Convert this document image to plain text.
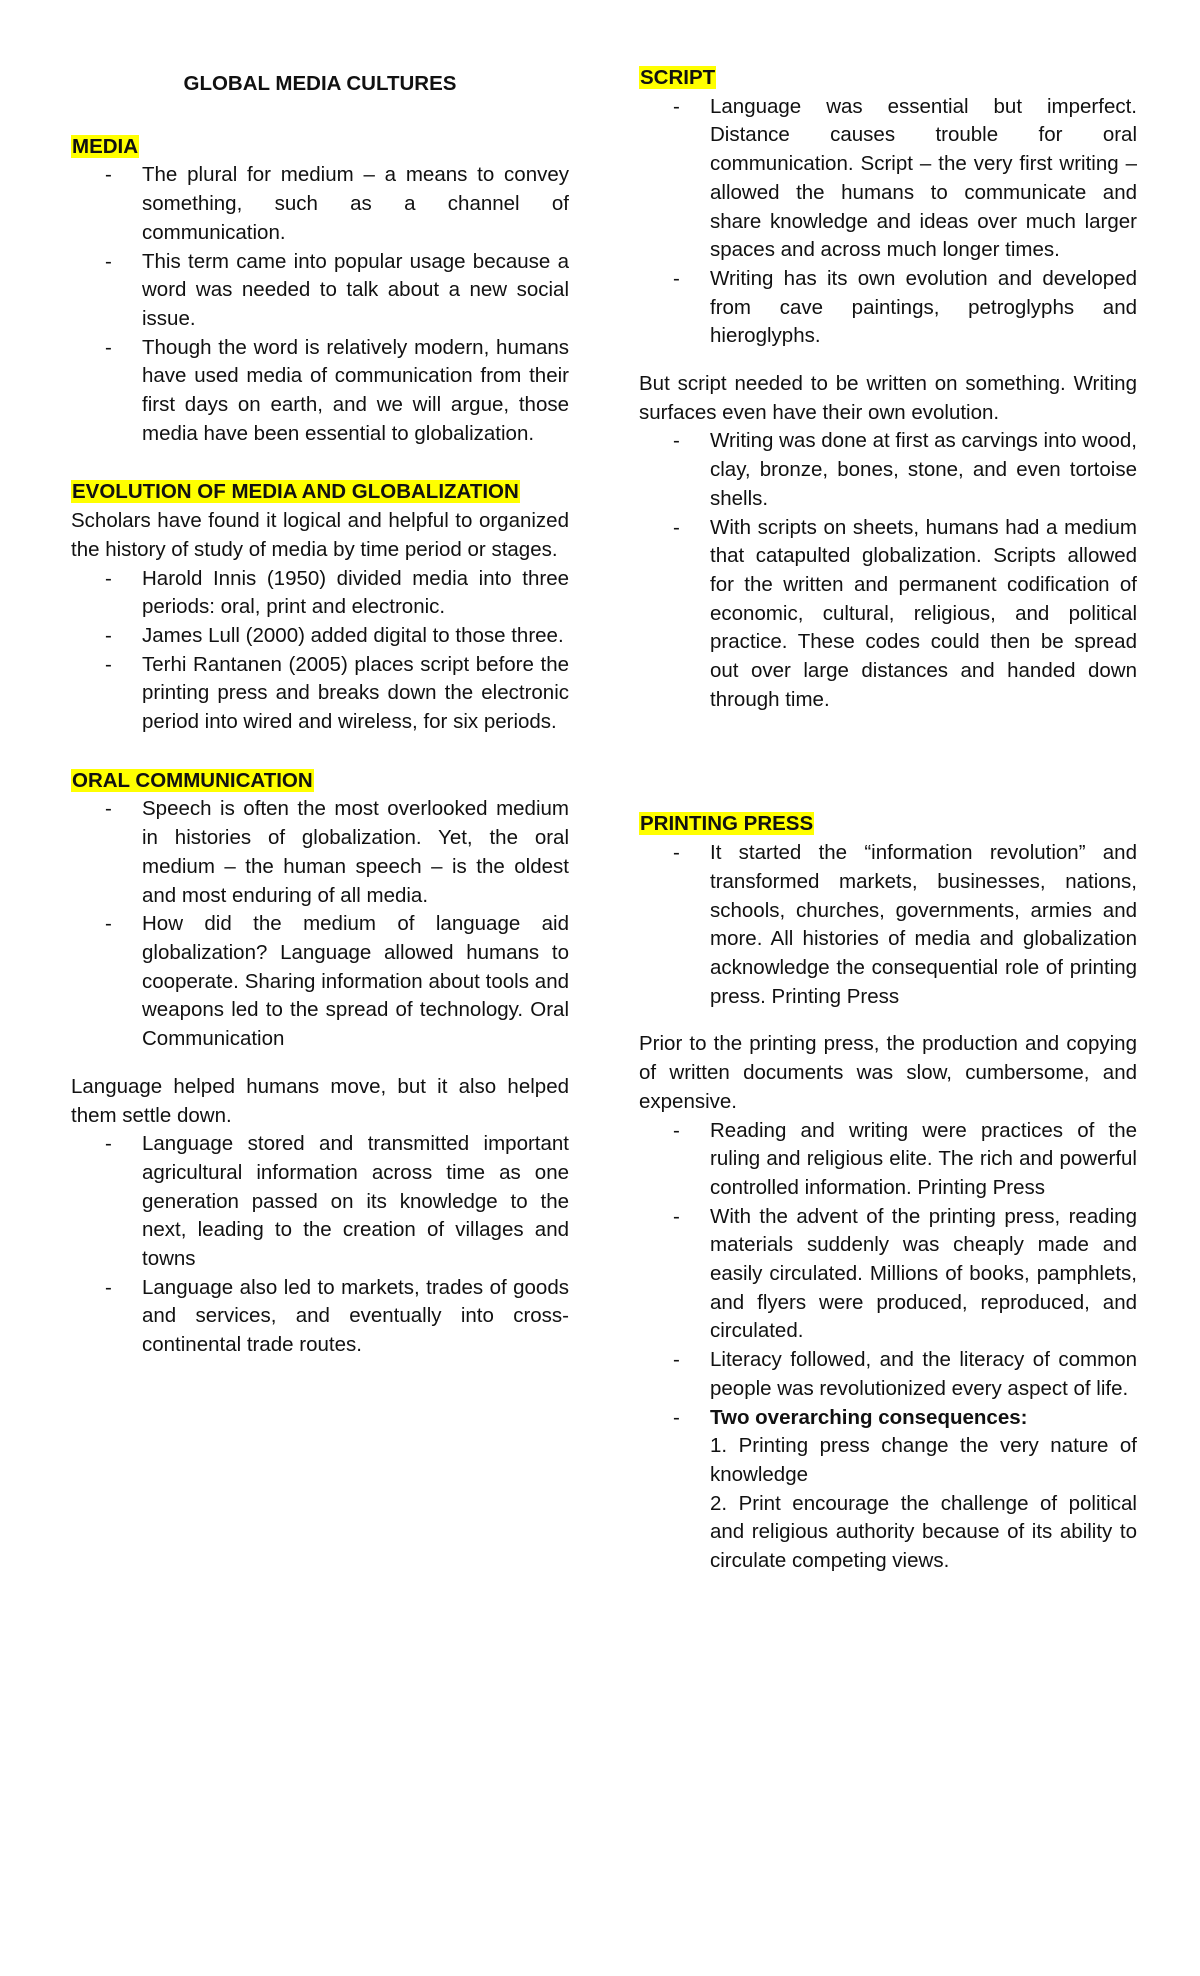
GLOBAL MEDIA CULTURES
MEDIA
- The plural for medium – a means to convey something, such as a channel of communication.
- This term came into popular usage because a word was needed to talk about a new social issue.
- Though the word is relatively modern, humans have used media of communication from their first days on earth, and we will argue, those media have been essential to globalization.
EVOLUTION OF MEDIA AND GLOBALIZATION

Scholars have found it logical and helpful to organized the history of study of media by time period or stages.

- Harold Innis (1950) divided media into three periods: oral, print and electronic.
- James Lull (2000) added digital to those three.
- Terhi Rantanen (2005) places script before the printing press and breaks down the electronic period into wired and wireless, for six periods.
ORAL COMMUNICATION
- Speech is often the most overlooked medium in histories of globalization. Yet, the oral medium – the human speech – is the oldest and most enduring of all media.
- How did the medium of language aid globalization? Language allowed humans to cooperate. Sharing information about tools and weapons led to the spread of technology. Oral Communication

Language helped humans move, but it also helped them settle down.

- Language stored and transmitted important agricultural information across time as one generation passed on its knowledge to the next, leading to the creation of villages and towns
- Language also led to markets, trades of goods and services, and eventually into cross-continental trade routes.
SCRIPT
- Language was essential but imperfect. Distance causes trouble for oral communication. Script – the very first writing – allowed the humans to communicate and share knowledge and ideas over much larger spaces and across much longer times.
- Writing has its own evolution and developed from cave paintings, petroglyphs and hieroglyphs.

But script needed to be written on something. Writing surfaces even have their own evolution.

- Writing was done at first as carvings into wood, clay, bronze, bones, stone, and even tortoise shells.
- With scripts on sheets, humans had a medium that catapulted globalization. Scripts allowed for the written and permanent codification of economic, cultural, religious, and political practice. These codes could then be spread out over large distances and handed down through time.
PRINTING PRESS
- It started the “information revolution” and transformed markets, businesses, nations, schools, churches, governments, armies and more. All histories of media and globalization acknowledge the consequential role of printing press. Printing Press

Prior to the printing press, the production and copying of written documents was slow, cumbersome, and expensive.

- Reading and writing were practices of the ruling and religious elite. The rich and powerful controlled information. Printing Press
- With the advent of the printing press, reading materials suddenly was cheaply made and easily circulated. Millions of books, pamphlets, and flyers were produced, reproduced, and circulated.
- Literacy followed, and the literacy of common people was revolutionized every aspect of life.
- Two overarching consequences:
1. Printing press change the very nature of knowledge
2. Print encourage the challenge of political and religious authority because of its ability to circulate competing views.
